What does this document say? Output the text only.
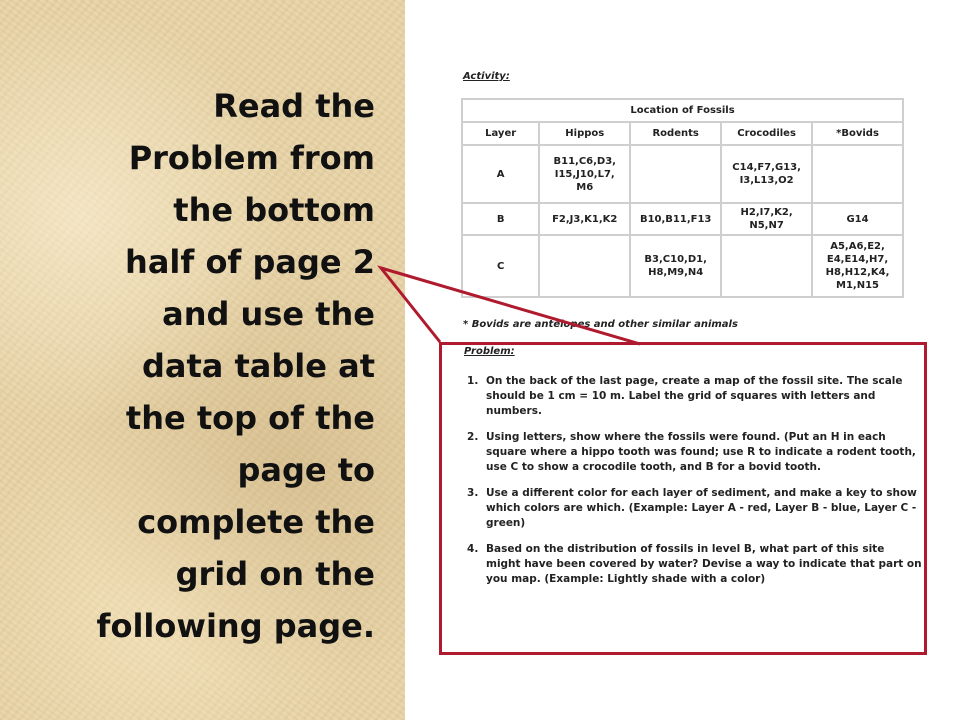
Read the
Problem from
the bottom
half of page 2
and use the
data table at
the top of the
page to
complete the
grid on the
following page.

Activity:
Location of Fossils				
Layer	Hippos	Rodents	Crocodiles	*Bovids
A	B11,C6,D3,
I15,J10,L7,
M6		C14,F7,G13,
I3,L13,O2	
B	F2,J3,K1,K2	B10,B11,F13	H2,I7,K2,
N5,N7	G14
C		B3,C10,D1,
H8,M9,N4		A5,A6,E2,
E4,E14,H7,
H8,H12,K4,
M1,N15
* Bovids are antelopes and other similar animals
Problem:
1. On the back of the last page, create a map of the fossil site. The scale should be 1 cm = 10 m. Label the grid of squares with letters and numbers.
2. Using letters, show where the fossils were found. (Put an H in each square where a hippo tooth was found; use R to indicate a rodent tooth, use C to show a crocodile tooth, and B for a bovid tooth.
3. Use a different color for each layer of sediment, and make a key to show which colors are which. (Example: Layer A - red, Layer B - blue, Layer C - green)
4. Based on the distribution of fossils in level B, what part of this site might have been covered by water? Devise a way to indicate that part on you map. (Example: Lightly shade with a color)
